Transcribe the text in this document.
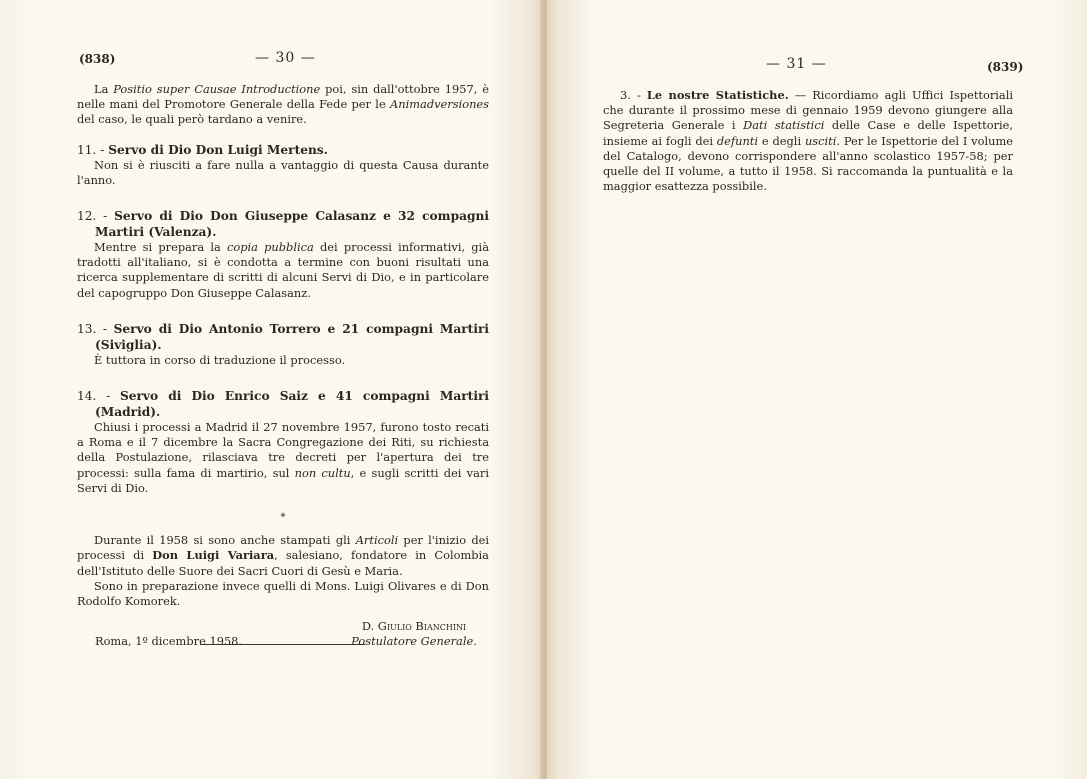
(838)	— 30 —

La Positio super Causae Introductione poi, sin dall'ottobre 1957, è nelle mani del Promotore Generale della Fede per le Animadversiones del caso, le quali però tardano a venire.

11. - Servo di Dio Don Luigi Mertens.

Non si è riusciti a fare nulla a vantaggio di questa Causa durante l'anno.

12. - Servo di Dio Don Giuseppe Calasanz e 32 compagni Martiri (Valenza).

Mentre si prepara la copia pubblica dei processi informativi, già tradotti all'italiano, si è condotta a termine con buoni risultati una ricerca supplementare di scritti di alcuni Servi di Dio, e in particolare del capogruppo Don Giuseppe Calasanz.

13. - Servo di Dio Antonio Torrero e 21 compagni Martiri (Siviglia).

È tuttora in corso di traduzione il processo.

14. - Servo di Dio Enrico Saiz e 41 compagni Martiri (Madrid).

Chiusi i processi a Madrid il 27 novembre 1957, furono tosto recati a Roma e il 7 dicembre la Sacra Congregazione dei Riti, su richiesta della Postulazione, rilasciava tre decreti per l'apertura dei tre processi: sulla fama di martirio, sul non cultu, e sugli scritti dei vari Servi di Dio.

*

Durante il 1958 si sono anche stampati gli Articoli per l'inizio dei processi di Don Luigi Variara, salesiano, fondatore in Colombia dell'Istituto delle Suore dei Sacri Cuori di Gesù e Maria.

Sono in preparazione invece quelli di Mons. Luigi Olivares e di Don Rodolfo Komorek.

D. Giulio Bianchini
Postulatore Generale.
Roma, 1º dicembre 1958.
— 31 —	(839)

3. - Le nostre Statistiche. — Ricordiamo agli Uffici Ispettoriali che durante il prossimo mese di gennaio 1959 devono giungere alla Segreteria Generale i Dati statistici delle Case e delle Ispettorie, insieme ai fogli dei defunti e degli usciti. Per le Ispettorie del I volume del Catalogo, devono corrispondere all'anno scolastico 1957-58; per quelle del II volume, a tutto il 1958. Si raccomanda la puntualità e la maggior esattezza possibile.
